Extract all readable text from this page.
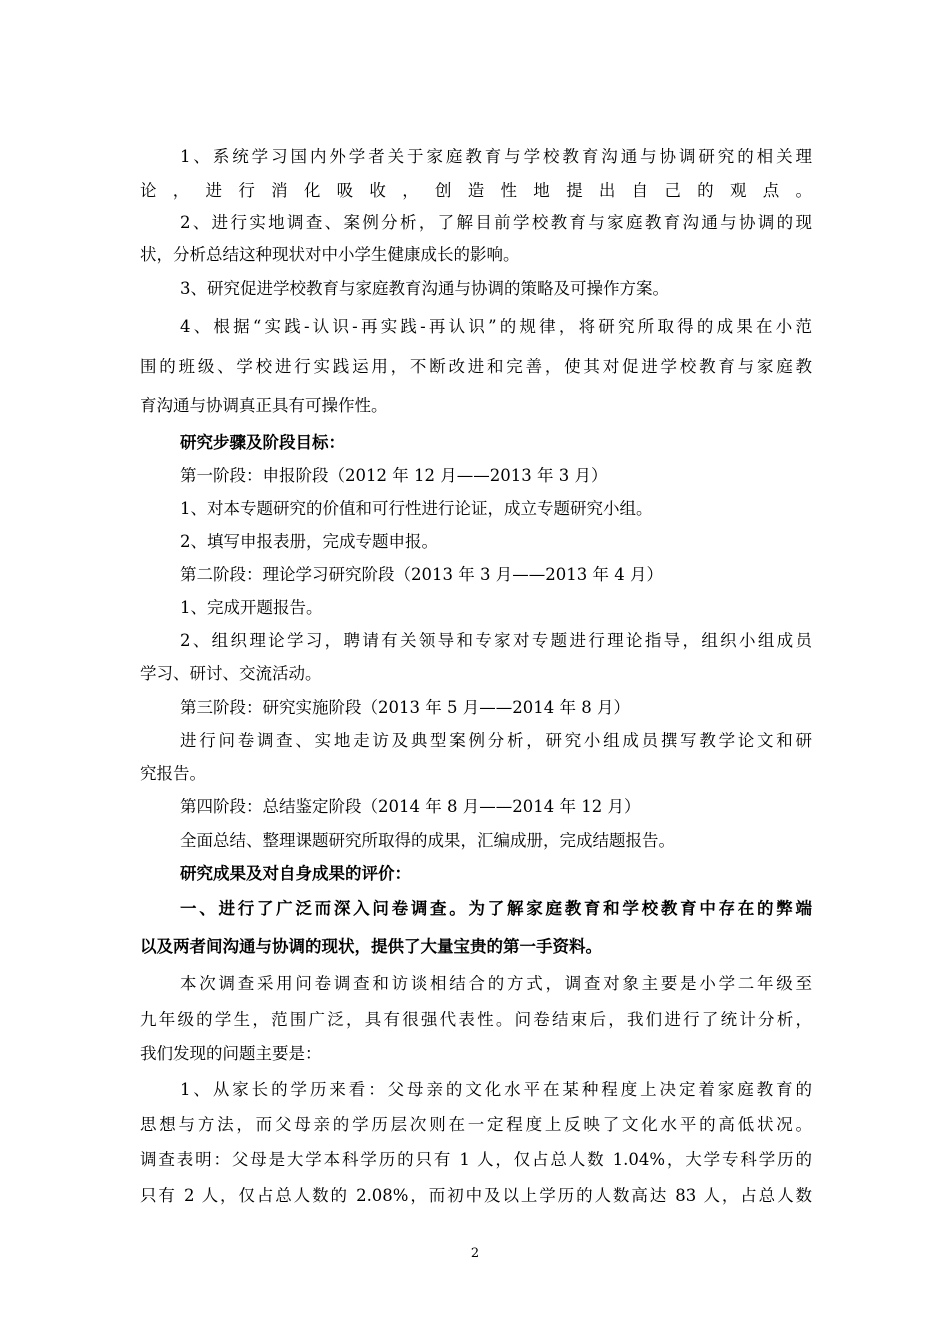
1、系统学习国内外学者关于家庭教育与学校教育沟通与协调研究的相关理
论，进行消化吸收，创造性地提出自己的观点。
2、进行实地调查、案例分析，了解目前学校教育与家庭教育沟通与协调的现
状，分析总结这种现状对中小学生健康成长的影响。
3、研究促进学校教育与家庭教育沟通与协调的策略及可操作方案。
4、根据“实践-认识-再实践-再认识”的规律，将研究所取得的成果在小范
围的班级、学校进行实践运用，不断改进和完善，使其对促进学校教育与家庭教
育沟通与协调真正具有可操作性。
研究步骤及阶段目标：
第一阶段：申报阶段（2012 年 12 月——2013 年 3 月）
1、对本专题研究的价值和可行性进行论证，成立专题研究小组。
2、填写申报表册，完成专题申报。
第二阶段：理论学习研究阶段（2013 年 3 月——2013 年 4 月）
1、完成开题报告。
2、组织理论学习，聘请有关领导和专家对专题进行理论指导，组织小组成员
学习、研讨、交流活动。
第三阶段：研究实施阶段（2013 年 5 月——2014 年 8 月）
进行问卷调查、实地走访及典型案例分析，研究小组成员撰写教学论文和研
究报告。
第四阶段：总结鉴定阶段（2014 年 8 月——2014 年 12 月）
全面总结、整理课题研究所取得的成果，汇编成册，完成结题报告。
研究成果及对自身成果的评价：
一、进行了广泛而深入问卷调查。为了解家庭教育和学校教育中存在的弊端
以及两者间沟通与协调的现状，提供了大量宝贵的第一手资料。
本次调查采用问卷调查和访谈相结合的方式，调查对象主要是小学二年级至
九年级的学生，范围广泛，具有很强代表性。问卷结束后，我们进行了统计分析，
我们发现的问题主要是：
1、从家长的学历来看：父母亲的文化水平在某种程度上决定着家庭教育的
思想与方法，而父母亲的学历层次则在一定程度上反映了文化水平的高低状况。
调查表明：父母是大学本科学历的只有 1 人，仅占总人数 1.04%，大学专科学历的
只有 2 人，仅占总人数的 2.08%，而初中及以上学历的人数高达 83 人，占总人数
2
